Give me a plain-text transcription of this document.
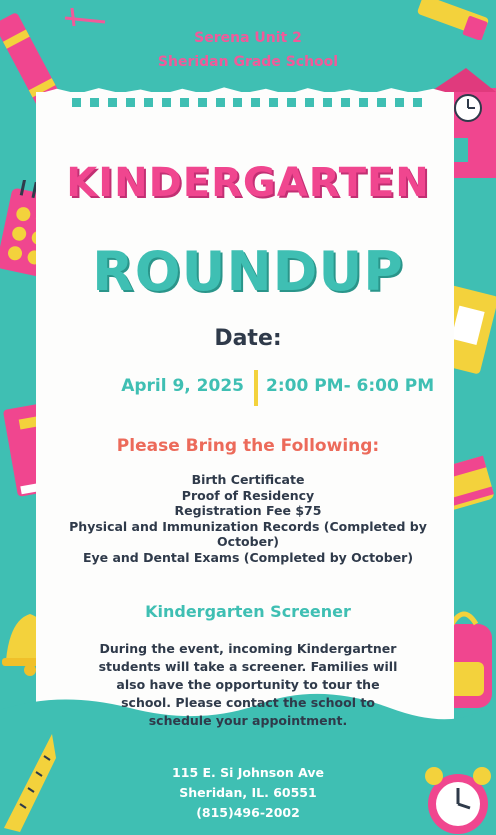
Serena Unit 2
Sheridan Grade School
KINDERGARTEN
ROUNDUP
Date:
April 9, 2025 2:00 PM- 6:00 PM
Please Bring the Following:
Birth Certificate
Proof of Residency
Registration Fee $75
Physical and Immunization Records (Completed by
October)
Eye and Dental Exams (Completed by October)
Kindergarten Screener
During the event, incoming Kindergartner
students will take a screener. Families will
also have the opportunity to tour the
school. Please contact the school to
schedule your appointment.
115 E. Si Johnson Ave
Sheridan, IL. 60551
(815)496-2002
